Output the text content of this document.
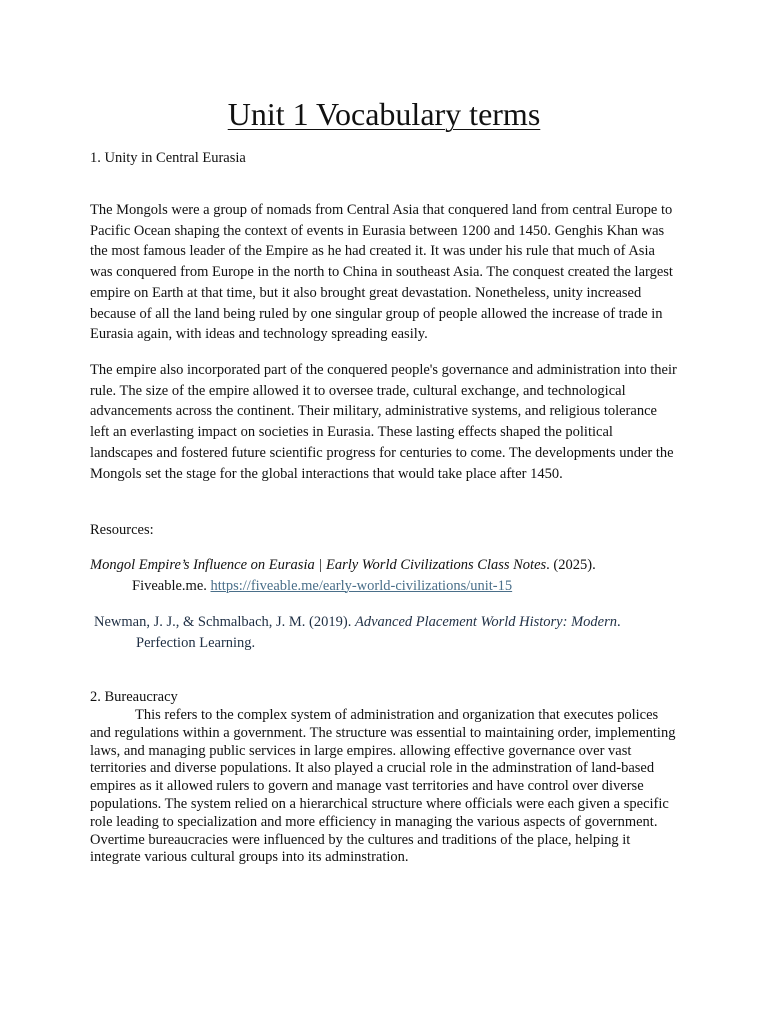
Unit 1 Vocabulary terms

1. Unity in Central Eurasia

The Mongols were a group of nomads from Central Asia that conquered land from central Europe to Pacific Ocean shaping the context of events in Eurasia between 1200 and 1450. Genghis Khan was the most famous leader of the Empire as he had created it. It was under his rule that much of Asia was conquered from Europe in the north to China in southeast Asia. The conquest created the largest empire on Earth at that time, but it also brought great devastation. Nonetheless, unity increased because of all the land being ruled by one singular group of people allowed the increase of trade in Eurasia again, with ideas and technology spreading easily.

The empire also incorporated part of the conquered people's governance and administration into their rule. The size of the empire allowed it to oversee trade, cultural exchange, and technological advancements across the continent. Their military, administrative systems, and religious tolerance left an everlasting impact on societies in Eurasia. These lasting effects shaped the political landscapes and fostered future scientific progress for centuries to come. The developments under the Mongols set the stage for the global interactions that would take place after 1450.

Resources:

Mongol Empire’s Influence on Eurasia | Early World Civilizations Class Notes. (2025).
Fiveable.me. https://fiveable.me/early-world-civilizations/unit-15

Newman, J. J., & Schmalbach, J. M. (2019). Advanced Placement World History: Modern.
Perfection Learning.

2. Bureaucracy

This refers to the complex system of administration and organization that executes polices and regulations within a government. The structure was essential to maintaining order, implementing laws, and managing public services in large empires. allowing effective governance over vast territories and diverse populations. It also played a crucial role in the adminstration of land-based empires as it allowed rulers to govern and manage vast territories and have control over diverse populations. The system relied on a hierarchical structure where officials were each given a specific role leading to specialization and more efficiency in managing the various aspects of government. Overtime bureaucracies were influenced by the cultures and traditions of the place, helping it integrate various cultural groups into its adminstration.
